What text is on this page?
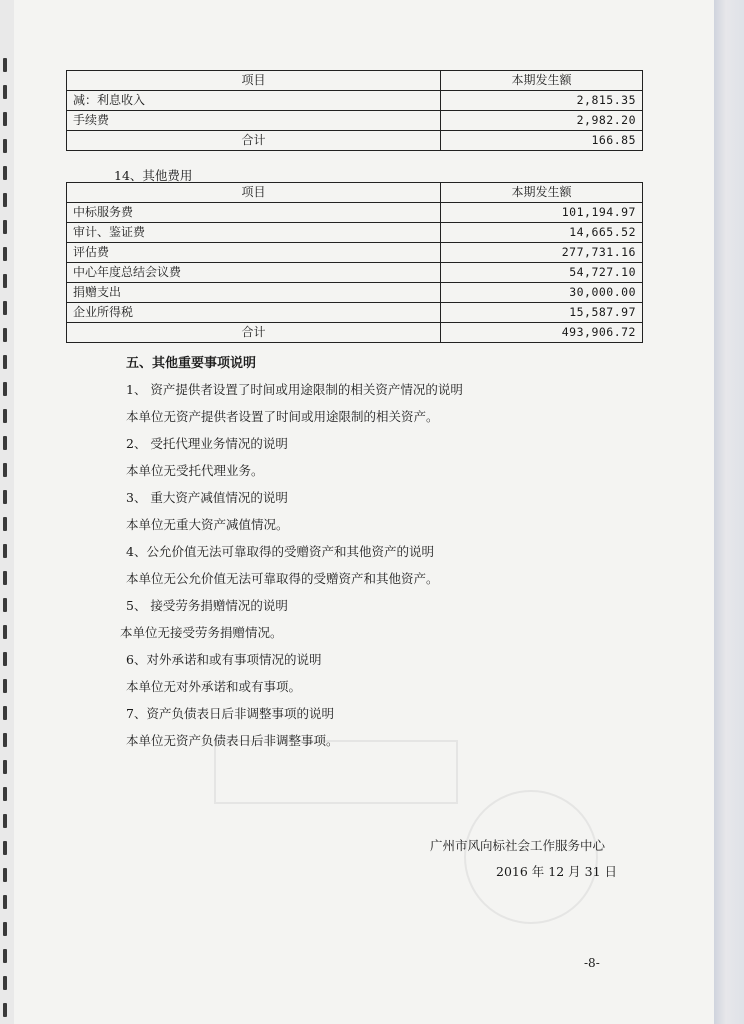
项目	本期发生额
减：利息收入	2,815.35
手续费	2,982.20
合计	166.85
14、其他费用
项目	本期发生额
中标服务费	101,194.97
审计、鉴证费	14,665.52
评估费	277,731.16
中心年度总结会议费	54,727.10
捐赠支出	30,000.00
企业所得税	15,587.97
合计	493,906.72
五、其他重要事项说明
1、 资产提供者设置了时间或用途限制的相关资产情况的说明
本单位无资产提供者设置了时间或用途限制的相关资产。
2、 受托代理业务情况的说明
本单位无受托代理业务。
3、 重大资产减值情况的说明
本单位无重大资产减值情况。
4、公允价值无法可靠取得的受赠资产和其他资产的说明
本单位无公允价值无法可靠取得的受赠资产和其他资产。
5、 接受劳务捐赠情况的说明
本单位无接受劳务捐赠情况。
6、对外承诺和或有事项情况的说明
本单位无对外承诺和或有事项。
7、资产负债表日后非调整事项的说明
本单位无资产负债表日后非调整事项。
广州市风向标社会工作服务中心
2016 年 12 月 31 日
-8-
